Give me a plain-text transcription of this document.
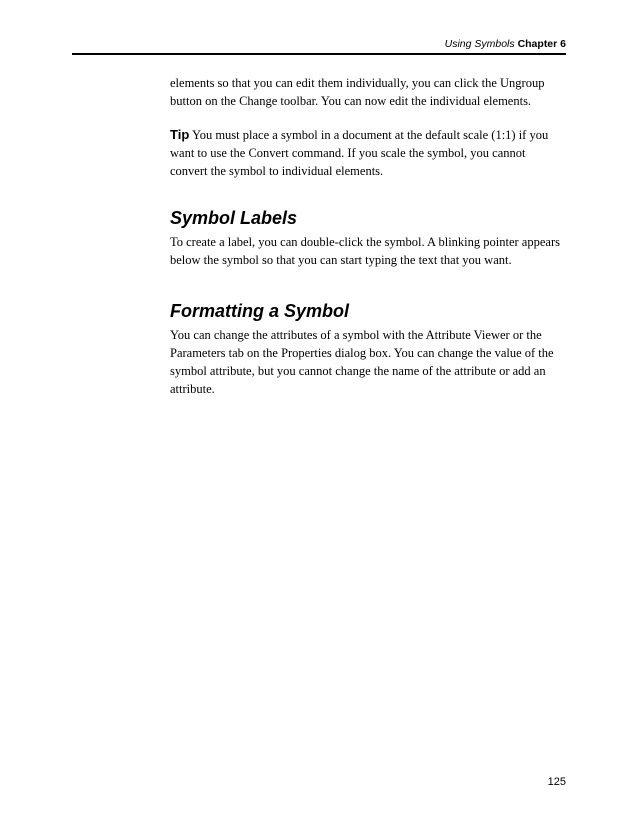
Using Symbols Chapter 6

elements so that you can edit them individually, you can click the Ungroup button on the Change toolbar. You can now edit the individual elements.

Tip You must place a symbol in a document at the default scale (1:1) if you want to use the Convert command. If you scale the symbol, you cannot convert the symbol to individual elements.

Symbol Labels

To create a label, you can double-click the symbol. A blinking pointer appears below the symbol so that you can start typing the text that you want.

Formatting a Symbol

You can change the attributes of a symbol with the Attribute Viewer or the Parameters tab on the Properties dialog box. You can change the value of the symbol attribute, but you cannot change the name of the attribute or add an attribute.

125
